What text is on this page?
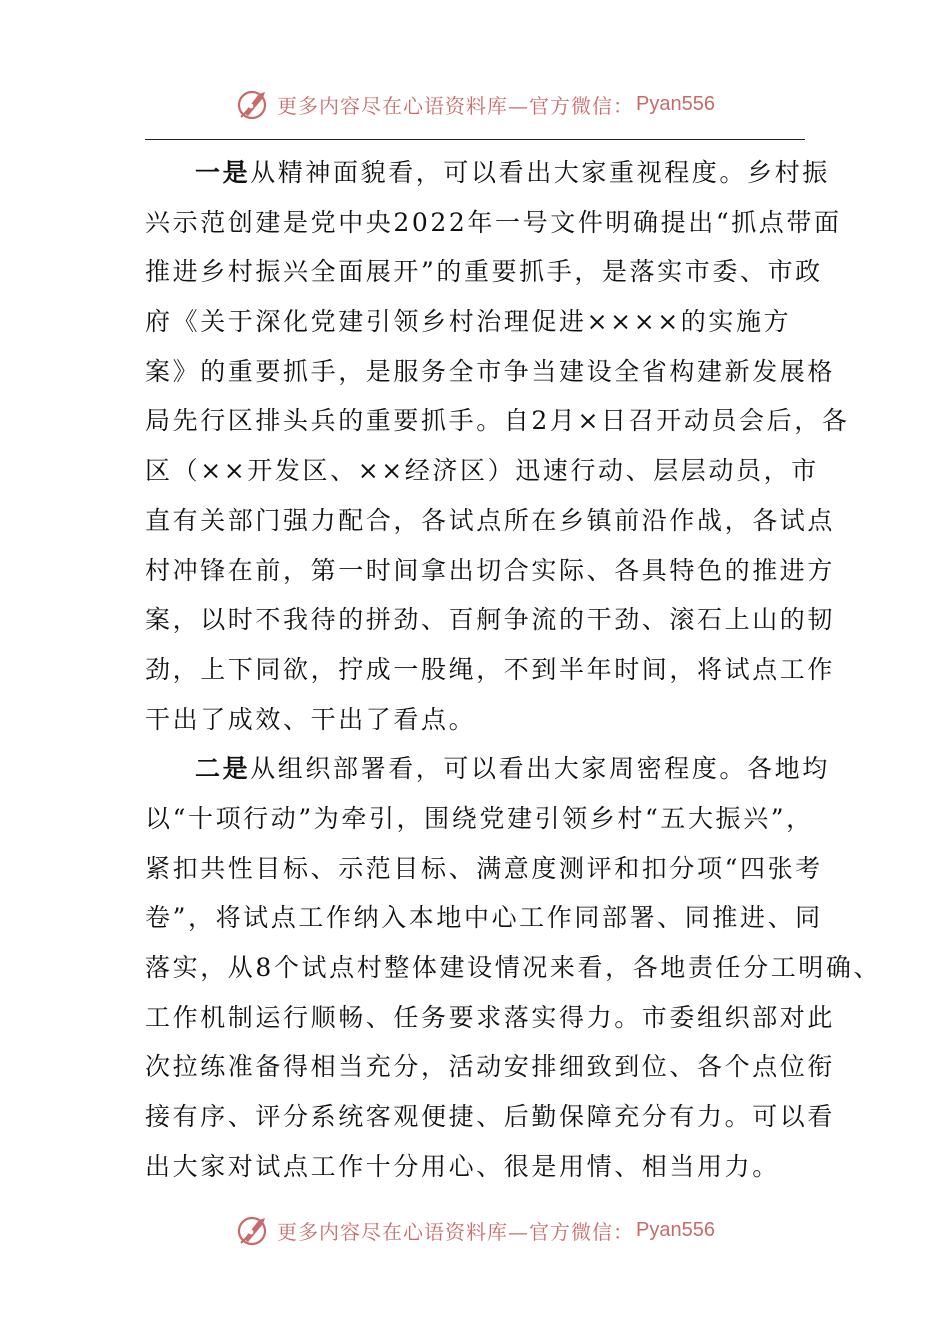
更多内容尽在心语资料库—官方微信： Pyan556
一是从精神面貌看，可以看出大家重视程度。乡村振
兴示范创建是党中央2022年一号文件明确提出“抓点带面
推进乡村振兴全面展开”的重要抓手，是落实市委、市政
府《关于深化党建引领乡村治理促进××××的实施方
案》的重要抓手，是服务全市争当建设全省构建新发展格
局先行区排头兵的重要抓手。自2月×日召开动员会后，各
区（××开发区、××经济区）迅速行动、层层动员，市
直有关部门强力配合，各试点所在乡镇前沿作战，各试点
村冲锋在前，第一时间拿出切合实际、各具特色的推进方
案，以时不我待的拼劲、百舸争流的干劲、滚石上山的韧
劲，上下同欲，拧成一股绳，不到半年时间，将试点工作
干出了成效、干出了看点。
二是从组织部署看，可以看出大家周密程度。各地均
以“十项行动”为牵引，围绕党建引领乡村“五大振兴”，
紧扣共性目标、示范目标、满意度测评和扣分项“四张考
卷”，将试点工作纳入本地中心工作同部署、同推进、同
落实，从8个试点村整体建设情况来看，各地责任分工明确、
工作机制运行顺畅、任务要求落实得力。市委组织部对此
次拉练准备得相当充分，活动安排细致到位、各个点位衔
接有序、评分系统客观便捷、后勤保障充分有力。可以看
出大家对试点工作十分用心、很是用情、相当用力。
更多内容尽在心语资料库—官方微信： Pyan556
